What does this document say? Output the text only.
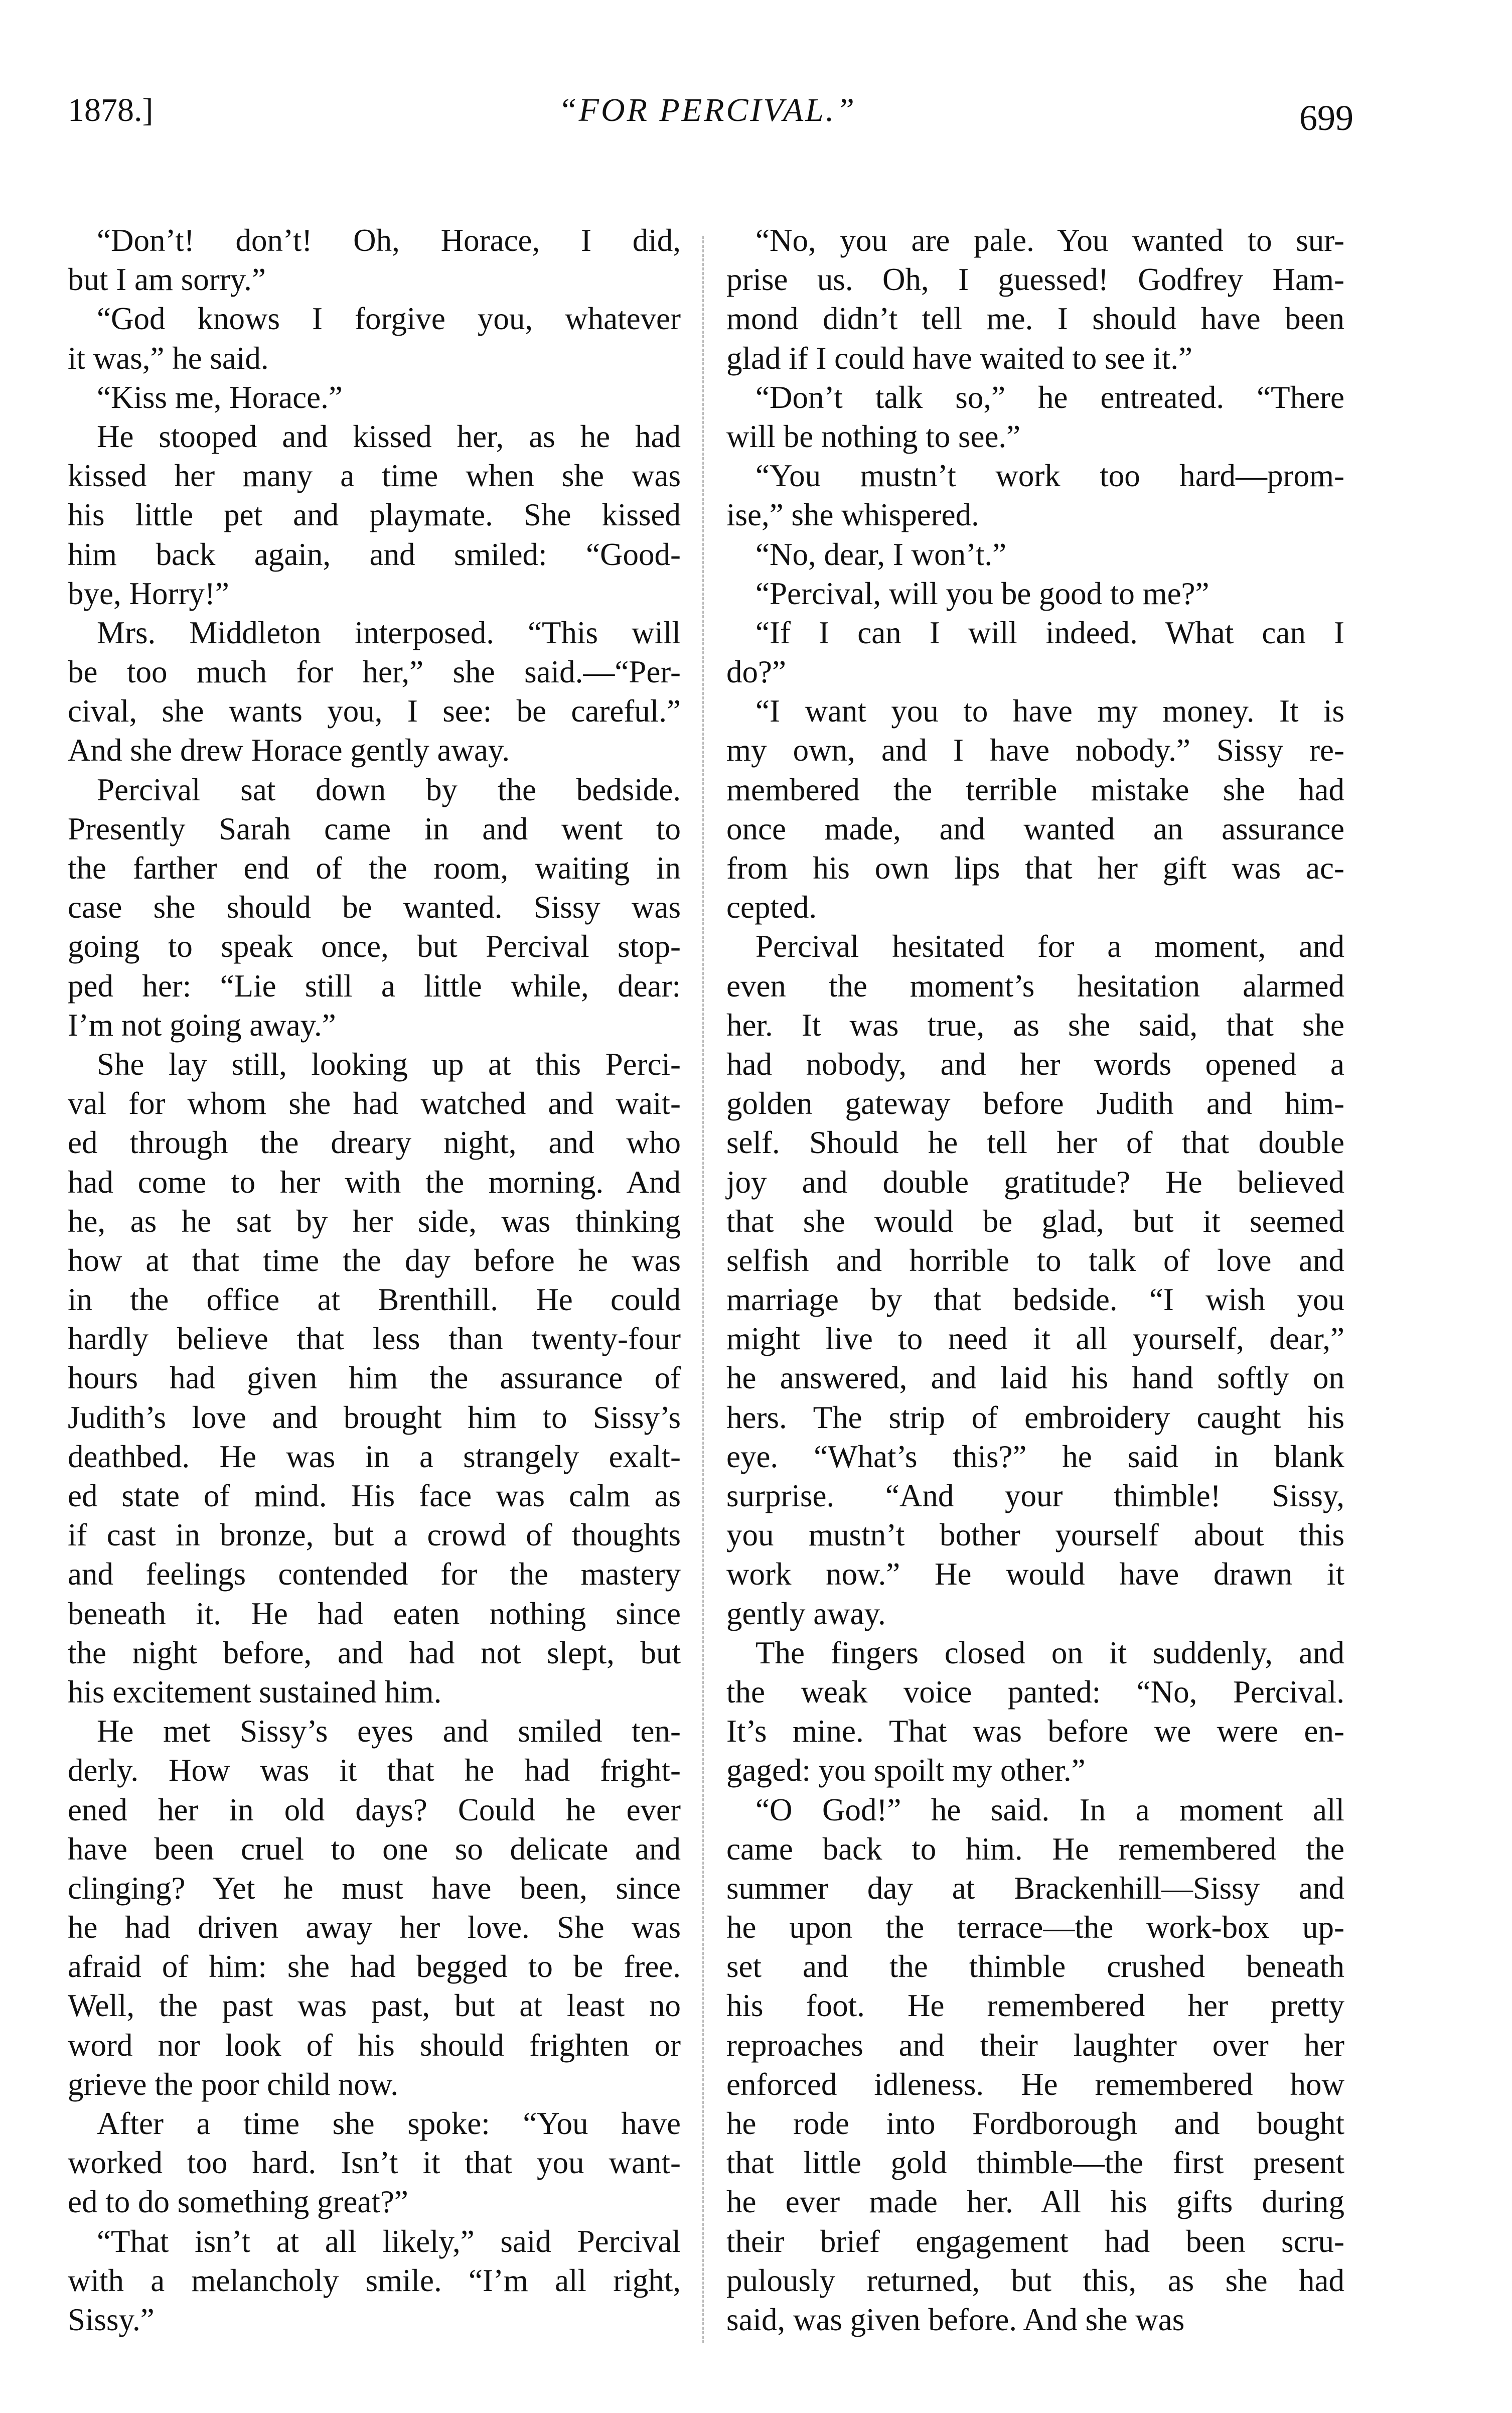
1878.]	“FOR PERCIVAL.”	699
“Don’t! don’t! Oh, Horace, I did,
but I am sorry.”
“God knows I forgive you, whatever
it was,” he said.
“Kiss me, Horace.”
He stooped and kissed her, as he had
kissed her many a time when she was
his little pet and playmate. She kissed
him back again, and smiled: “Good-
bye, Horry!”
Mrs. Middleton interposed. “This will
be too much for her,” she said.—“Per-
cival, she wants you, I see: be careful.”
And she drew Horace gently away.
Percival sat down by the bedside.
Presently Sarah came in and went to
the farther end of the room, waiting in
case she should be wanted. Sissy was
going to speak once, but Percival stop-
ped her: “Lie still a little while, dear:
I’m not going away.”
She lay still, looking up at this Perci-
val for whom she had watched and wait-
ed through the dreary night, and who
had come to her with the morning. And
he, as he sat by her side, was thinking
how at that time the day before he was
in the office at Brenthill. He could
hardly believe that less than twenty-four
hours had given him the assurance of
Judith’s love and brought him to Sissy’s
deathbed. He was in a strangely exalt-
ed state of mind. His face was calm as
if cast in bronze, but a crowd of thoughts
and feelings contended for the mastery
beneath it. He had eaten nothing since
the night before, and had not slept, but
his excitement sustained him.
He met Sissy’s eyes and smiled ten-
derly. How was it that he had fright-
ened her in old days? Could he ever
have been cruel to one so delicate and
clinging? Yet he must have been, since
he had driven away her love. She was
afraid of him: she had begged to be free.
Well, the past was past, but at least no
word nor look of his should frighten or
grieve the poor child now.
After a time she spoke: “You have
worked too hard. Isn’t it that you want-
ed to do something great?”
“That isn’t at all likely,” said Percival
with a melancholy smile. “I’m all right,
Sissy.”
“No, you are pale. You wanted to sur-
prise us. Oh, I guessed! Godfrey Ham-
mond didn’t tell me. I should have been
glad if I could have waited to see it.”
“Don’t talk so,” he entreated. “There
will be nothing to see.”
“You mustn’t work too hard—prom-
ise,” she whispered.
“No, dear, I won’t.”
“Percival, will you be good to me?”
“If I can I will indeed. What can I
do?”
“I want you to have my money. It is
my own, and I have nobody.” Sissy re-
membered the terrible mistake she had
once made, and wanted an assurance
from his own lips that her gift was ac-
cepted.
Percival hesitated for a moment, and
even the moment’s hesitation alarmed
her. It was true, as she said, that she
had nobody, and her words opened a
golden gateway before Judith and him-
self. Should he tell her of that double
joy and double gratitude? He believed
that she would be glad, but it seemed
selfish and horrible to talk of love and
marriage by that bedside. “I wish you
might live to need it all yourself, dear,”
he answered, and laid his hand softly on
hers. The strip of embroidery caught his
eye. “What’s this?” he said in blank
surprise. “And your thimble! Sissy,
you mustn’t bother yourself about this
work now.” He would have drawn it
gently away.
The fingers closed on it suddenly, and
the weak voice panted: “No, Percival.
It’s mine. That was before we were en-
gaged: you spoilt my other.”
“O God!” he said. In a moment all
came back to him. He remembered the
summer day at Brackenhill—Sissy and
he upon the terrace—the work-box up-
set and the thimble crushed beneath
his foot. He remembered her pretty
reproaches and their laughter over her
enforced idleness. He remembered how
he rode into Fordborough and bought
that little gold thimble—the first present
he ever made her. All his gifts during
their brief engagement had been scru-
pulously returned, but this, as she had
said, was given before. And she was
